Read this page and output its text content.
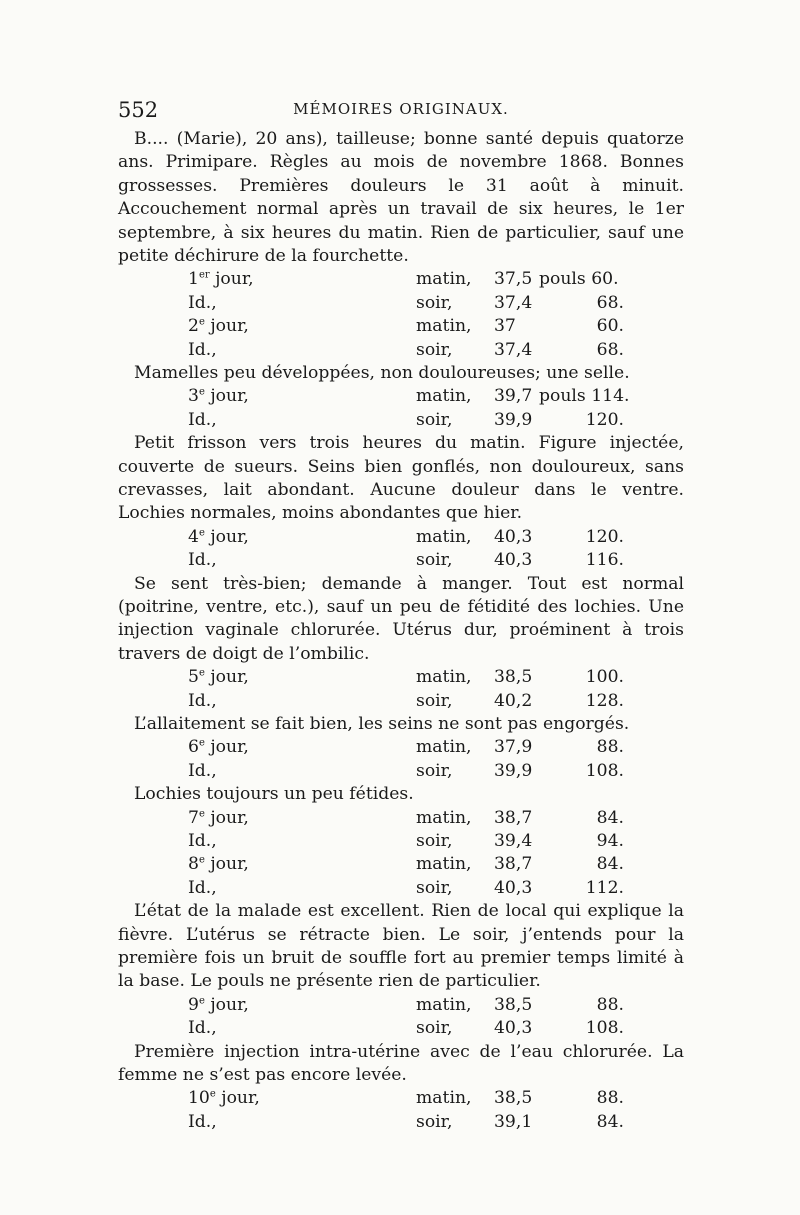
552	MÉMOIRES ORIGINAUX.

B.... (Marie), 20 ans), tailleuse; bonne santé depuis quatorze ans. Primipare. Règles au mois de novembre 1868. Bonnes grossesses. Premières douleurs le 31 août à minuit. Accouchement normal après un travail de six heures, le 1er septembre, à six heures du matin. Rien de particulier, sauf une petite déchirure de la fourchette.

1er jour,	matin, 37,5 pouls 60.
Id.,	soir, 37,4	68.
2e jour,	matin, 37	60.
Id.,	soir, 37,4	68.

Mamelles peu développées, non douloureuses; une selle.

3e jour,	matin, 39,7 pouls 114.
Id.,	soir, 39,9	120.

Petit frisson vers trois heures du matin. Figure injectée, couverte de sueurs. Seins bien gonflés, non douloureux, sans crevasses, lait abondant. Aucune douleur dans le ventre. Lochies normales, moins abondantes que hier.

4e jour,	matin, 40,3	120.
Id.,	soir, 40,3	116.

Se sent très-bien; demande à manger. Tout est normal (poitrine, ventre, etc.), sauf un peu de fétidité des lochies. Une injection vaginale chlorurée. Utérus dur, proéminent à trois travers de doigt de l’ombilic.

5e jour,	matin, 38,5	100.
Id.,	soir, 40,2	128.

L’allaitement se fait bien, les seins ne sont pas engorgés.

6e jour,	matin, 37,9	88.
Id.,	soir, 39,9	108.

Lochies toujours un peu fétides.

7e jour,	matin, 38,7	84.
Id.,	soir, 39,4	94.
8e jour,	matin, 38,7	84.
Id.,	soir, 40,3	112.

L’état de la malade est excellent. Rien de local qui explique la fièvre. L’utérus se rétracte bien. Le soir, j’entends pour la première fois un bruit de souffle fort au premier temps limité à la base. Le pouls ne présente rien de particulier.

9e jour,	matin, 38,5	88.
Id.,	soir, 40,3	108.

Première injection intra-utérine avec de l’eau chlorurée. La femme ne s’est pas encore levée.

10e jour,	matin, 38,5	88.
Id.,	soir, 39,1	84.
